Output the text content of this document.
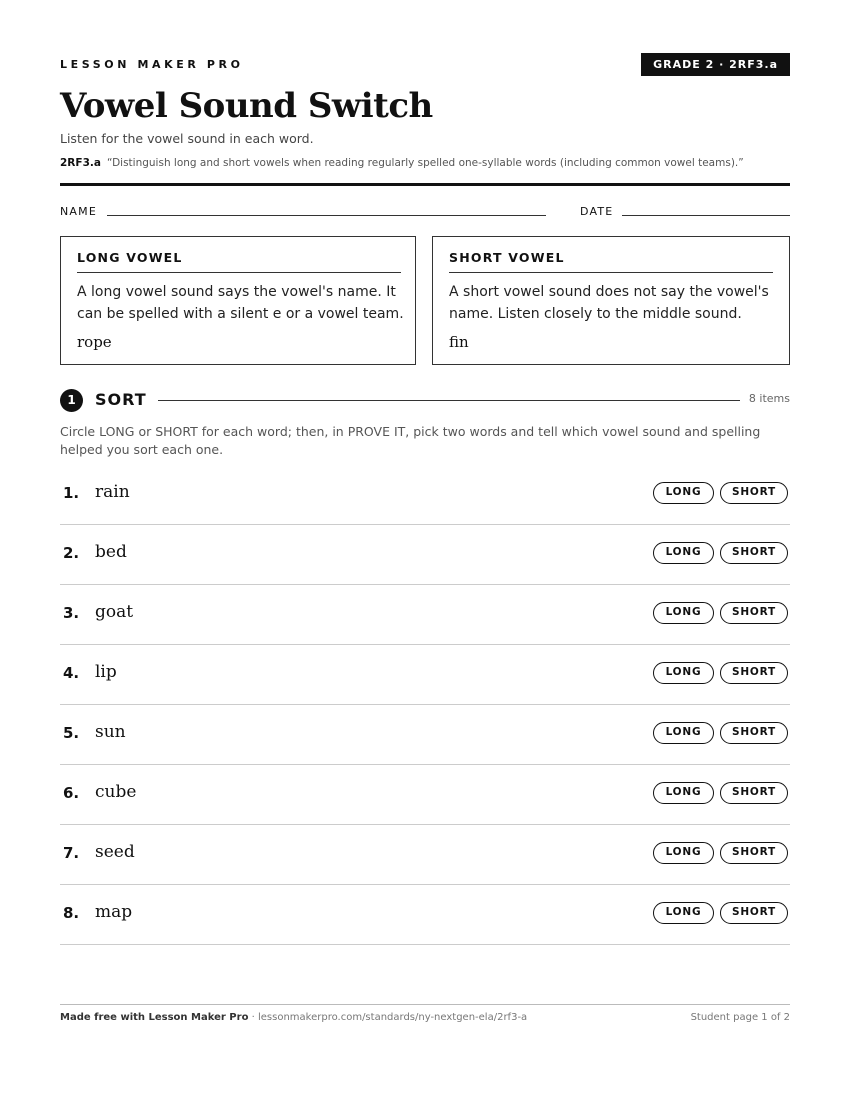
LESSON MAKER PRO	GRADE 2 · 2RF3.a
Vowel Sound Switch
Listen for the vowel sound in each word.
2RF3.a “Distinguish long and short vowels when reading regularly spelled one-syllable words (including common vowel teams).”
NAME	DATE
LONG VOWEL
A long vowel sound says the vowel's name. It can be spelled with a silent e or a vowel team.
rope
SHORT VOWEL
A short vowel sound does not say the vowel's name. Listen closely to the middle sound.
fin
1	SORT	8 items
Circle LONG or SHORT for each word; then, in PROVE IT, pick two words and tell which vowel sound and spelling helped you sort each one.
1. rain	LONG	SHORT
2. bed	LONG	SHORT
3. goat	LONG	SHORT
4. lip	LONG	SHORT
5. sun	LONG	SHORT
6. cube	LONG	SHORT
7. seed	LONG	SHORT
8. map	LONG	SHORT
Made free with Lesson Maker Pro · lessonmakerpro.com/standards/ny-nextgen-ela/2rf3-a	Student page 1 of 2
